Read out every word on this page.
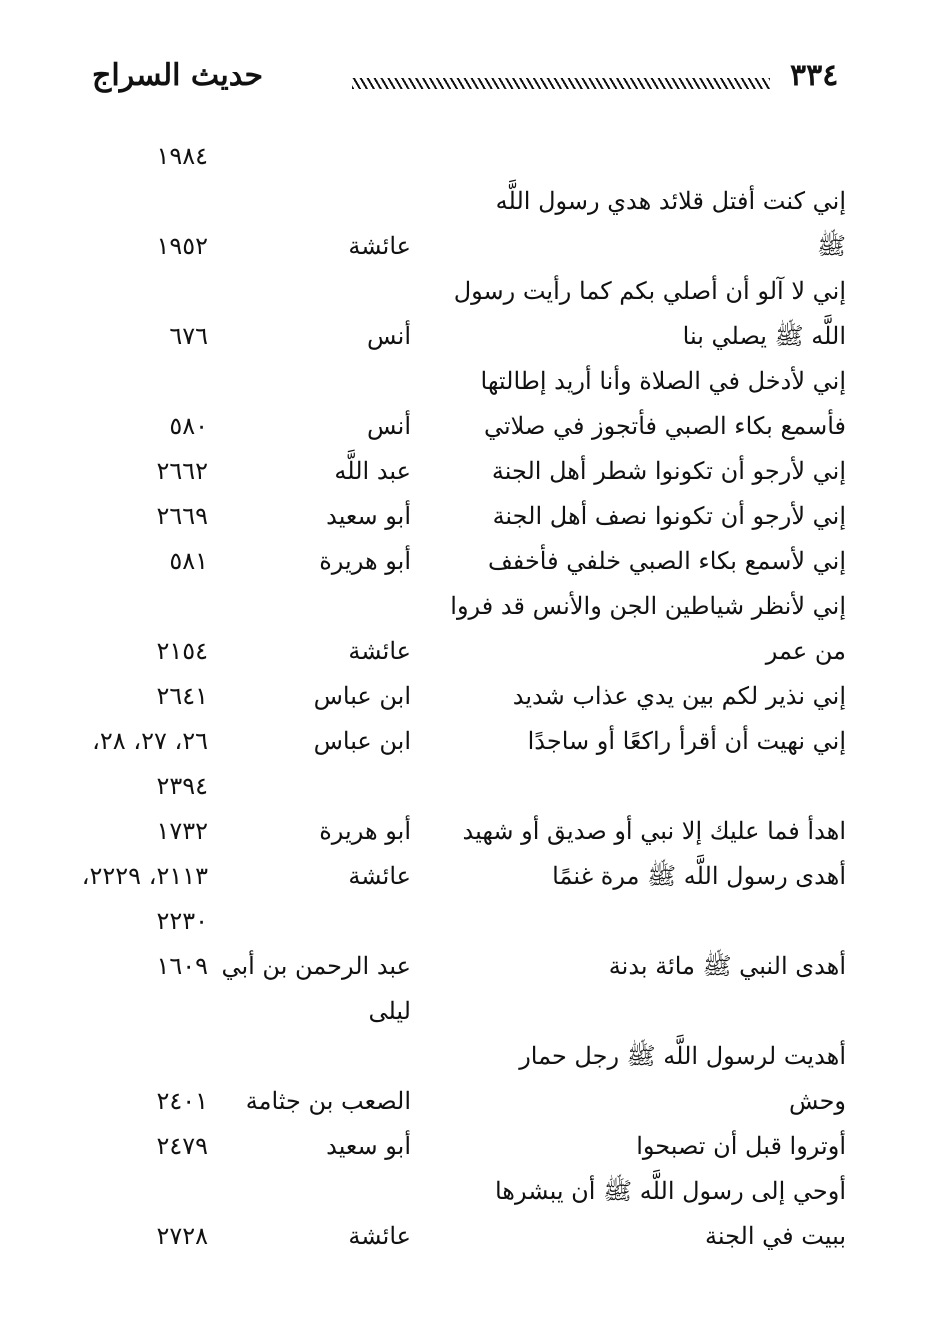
حديث السراج	٣٣٤
١٩٨٤
إني كنت أفتل قلائد هدي رسول اللَّه
ﷺ
عائشة
١٩٥٢
إني لا آلو أن أصلي بكم كما رأيت رسول
اللَّه ﷺ يصلي بنا
أنس
٦٧٦
إني لأدخل في الصلاة وأنا أريد إطالتها
فأسمع بكاء الصبي فأتجوز في صلاتي
أنس
٥٨٠
إني لأرجو أن تكونوا شطر أهل الجنة
عبد اللَّه
٢٦٦٢
إني لأرجو أن تكونوا نصف أهل الجنة
أبو سعيد
٢٦٦٩
إني لأسمع بكاء الصبي خلفي فأخفف
أبو هريرة
٥٨١
إني لأنظر شياطين الجن والأنس قد فروا
من عمر
عائشة
٢١٥٤
إني نذير لكم بين يدي عذاب شديد
ابن عباس
٢٦٤١
إني نهيت أن أقرأ راكعًا أو ساجدًا
ابن عباس
٢٦، ٢٧، ٢٨،
٢٣٩٤
اهدأ فما عليك إلا نبي أو صديق أو شهيد
أبو هريرة
١٧٣٢
أهدى رسول اللَّه ﷺ مرة غنمًا
عائشة
٢١١٣، ٢٢٢٩،
٢٢٣٠
أهدى النبي ﷺ مائة بدنة
عبد الرحمن بن أبي
١٦٠٩
ليلى
أهديت لرسول اللَّه ﷺ رجل حمار
وحش
الصعب بن جثامة
٢٤٠١
أوتروا قبل أن تصبحوا
أبو سعيد
٢٤٧٩
أوحي إلى رسول اللَّه ﷺ أن يبشرها
ببيت في الجنة
عائشة
٢٧٢٨
